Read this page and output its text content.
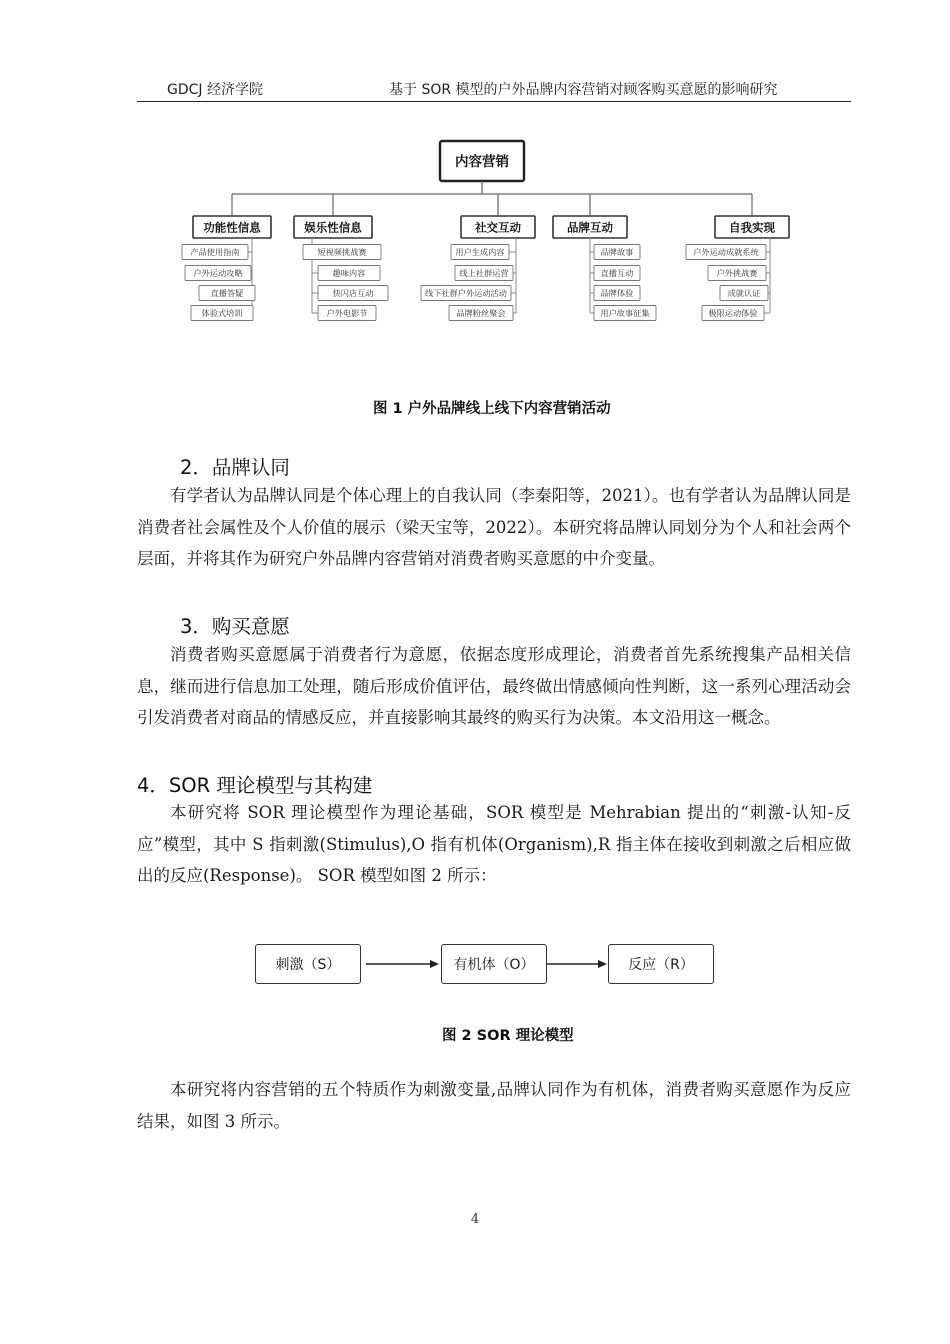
GDCJ 经济学院	基于 SOR 模型的户外品牌内容营销对顾客购买意愿的影响研究
内容营销
功能性信息
产品使用指南
户外运动攻略
直播答疑
体验式培训
娱乐性信息
短视频挑战赛
趣味内容
快闪店互动
户外电影节
社交互动
用户生成内容
线上社群运营
线下社群户外运动活动
品牌粉丝聚会
品牌互动
品牌故事
直播互动
品牌体验
用户故事征集
自我实现
户外运动成就系统
户外挑战赛
成就认证
极限运动体验
图 1 户外品牌线上线下内容营销活动
2．品牌认同

有学者认为品牌认同是个体心理上的自我认同（李秦阳等，2021）。也有学者认为品牌认同是消费者社会属性及个人价值的展示（梁天宝等，2022）。本研究将品牌认同划分为个人和社会两个层面，并将其作为研究户外品牌内容营销对消费者购买意愿的中介变量。

3．购买意愿

消费者购买意愿属于消费者行为意愿，依据态度形成理论，消费者首先系统搜集产品相关信息，继而进行信息加工处理，随后形成价值评估，最终做出情感倾向性判断，这一系列心理活动会引发消费者对商品的情感反应，并直接影响其最终的购买行为决策。本文沿用这一概念。

4．SOR 理论模型与其构建

本研究将 SOR 理论模型作为理论基础，SOR 模型是 Mehrabian 提出的“刺激-认知-反应”模型，其中 S 指刺激(Stimulus),O 指有机体(Organism),R 指主体在接收到刺激之后相应做出的反应(Response)。 SOR 模型如图 2 所示：

刺激（S）	有机体（O）	反应（R）
图 2 SOR 理论模型

本研究将内容营销的五个特质作为刺激变量,品牌认同作为有机体，消费者购买意愿作为反应结果，如图 3 所示。

4
